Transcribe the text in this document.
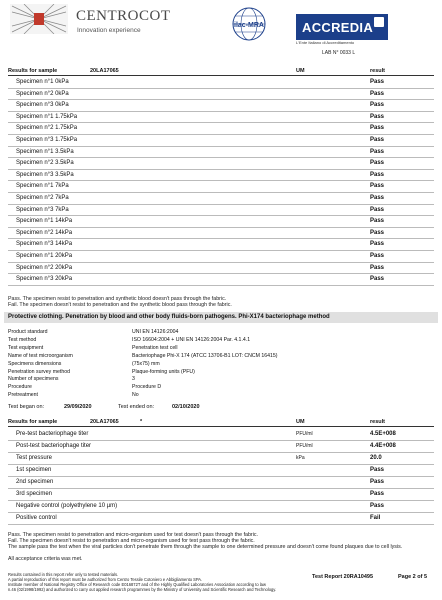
CENTROCOT
Innovation experience
ilac-MRA	ACCREDIA
L'Ente Italiano di Accreditamento
LAB N° 0033 L
Results for sample	20LA17065	UM	result
Specimen n°1 0kPa	Pass
Specimen n°2 0kPa	Pass
Specimen n°3 0kPa	Pass
Specimen n°1 1.75kPa	Pass
Specimen n°2 1.75kPa	Pass
Specimen n°3 1.75kPa	Pass
Specimen n°1 3.5kPa	Pass
Specimen n°2 3.5kPa	Pass
Specimen n°3 3.5kPa	Pass
Specimen n°1 7kPa	Pass
Specimen n°2 7kPa	Pass
Specimen n°3 7kPa	Pass
Specimen n°1 14kPa	Pass
Specimen n°2 14kPa	Pass
Specimen n°3 14kPa	Pass
Specimen n°1 20kPa	Pass
Specimen n°2 20kPa	Pass
Specimen n°3 20kPa	Pass
Pass. The specimen resist to penetration and synthetic blood doesn't pass through the fabric.
Fail. The specimen doesn't resist to penetration and the synthetic blood pass through the fabric.
Protective clothing. Penetration by blood and other body fluids-born pathogens. Phi-X174 bacteriophage method
Product standard	UNI EN 14126:2004
Test method	ISO 16604:2004 + UNI EN 14126:2004 Par. 4.1.4.1
Test equipment	Penetration test cell
Name of test microorganism	Bacteriophage Phi-X 174 (ATCC 13706-B1 LOT: CNCM 16415)
Specimens dimensions	(75x75) mm
Penetration survey method	Plaque-forming units (PFU)
Number of specimens	3
Procedure	Procedure D
Pretreatment	No
Test began on:	29/09/2020	Test ended on:	02/10/2020
Results for sample	20LA17065	*	UM	result
Pre-test bacteriophage titer	PFU/ml	4.5E+008
Post-test bacteriophage titer	PFU/ml	4.4E+008
Test pressure	kPa	20.0
1st specimen	Pass
2nd specimen	Pass
3rd specimen	Pass
Negative control (polyethylene 10 µm)	Pass
Positive control	Fail
Pass. The specimen resist to penetration and micro-organism used for test doesn't pass through the fabric.
Fail. The specimen doesn't resist to penetration and micro-organism used for test pass through the fabric.
The sample pass the test when the viral particles don't penetrate them through the sample to one determined pressure and doesn't come found plaques due to cell lysis.
All acceptance criteria was met.
Results contained in this report refer only to tested materials.
A partial reproduction of this report must be authorized from Centro Tessile Cotoniero e Abbigliamento SPA.
Institute member of National Registry Office of Research code E016872T and of the Highly Qualified Laboratories Association according to law
n.46 (02/1998/1992) and authorized to carry out applied research programmes by the Ministry of University and Scientific Research and Technology.
Test Report 20RA10495	Page 2 of 5
